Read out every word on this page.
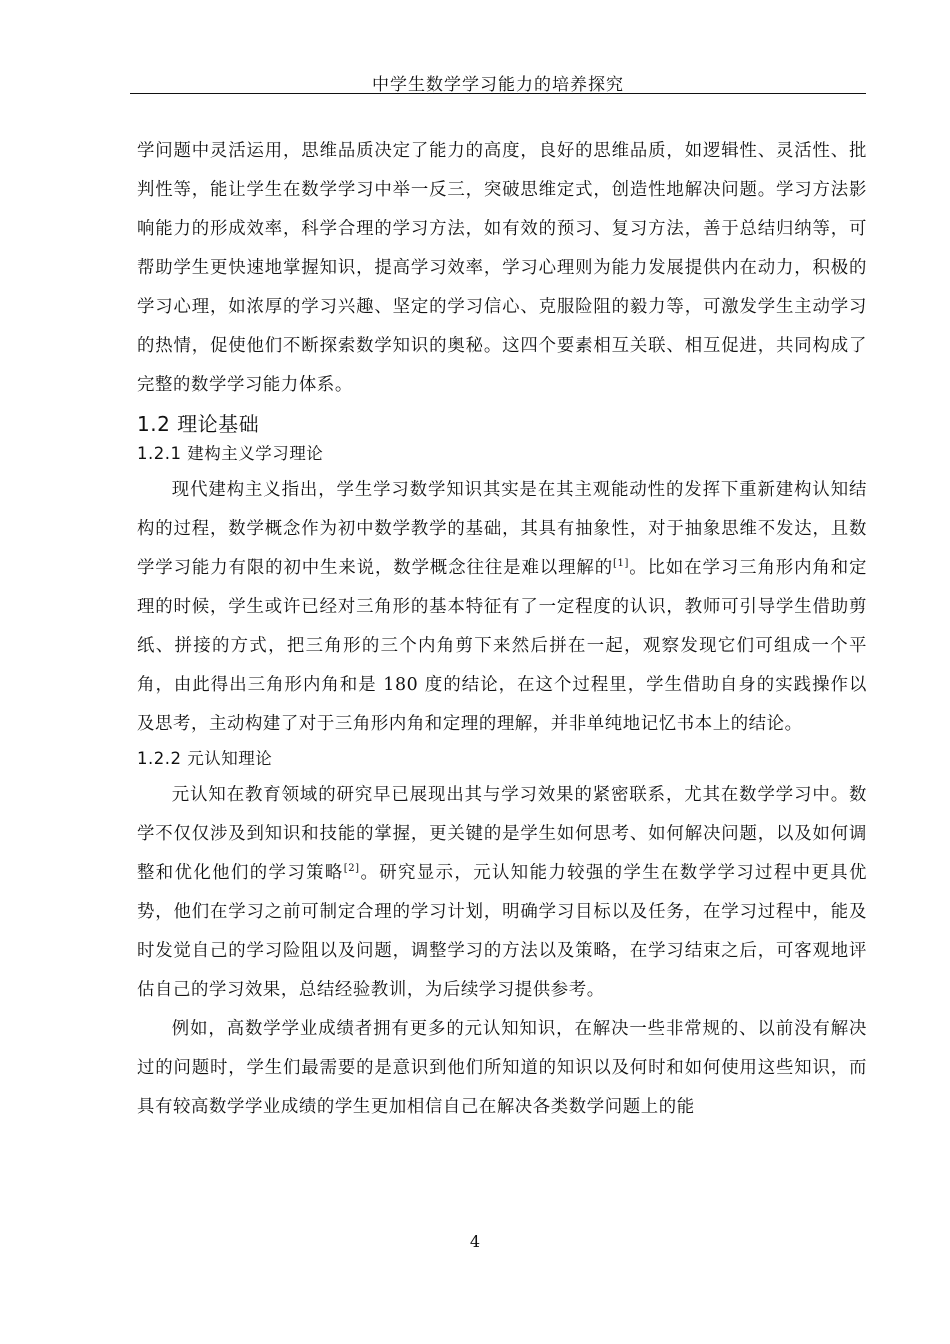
中学生数学学习能力的培养探究

学问题中灵活运用，思维品质决定了能力的高度，良好的思维品质，如逻辑性、灵活性、批判性等，能让学生在数学学习中举一反三，突破思维定式，创造性地解决问题。学习方法影响能力的形成效率，科学合理的学习方法，如有效的预习、复习方法，善于总结归纳等，可帮助学生更快速地掌握知识，提高学习效率，学习心理则为能力发展提供内在动力，积极的学习心理，如浓厚的学习兴趣、坚定的学习信心、克服险阻的毅力等，可激发学生主动学习的热情，促使他们不断探索数学知识的奥秘。这四个要素相互关联、相互促进，共同构成了完整的数学学习能力体系。

1.2 理论基础
1.2.1 建构主义学习理论

现代建构主义指出，学生学习数学知识其实是在其主观能动性的发挥下重新建构认知结构的过程，数学概念作为初中数学教学的基础，其具有抽象性，对于抽象思维不发达，且数学学习能力有限的初中生来说，数学概念往往是难以理解的[1]。比如在学习三角形内角和定理的时候，学生或许已经对三角形的基本特征有了一定程度的认识，教师可引导学生借助剪纸、拼接的方式，把三角形的三个内角剪下来然后拼在一起，观察发现它们可组成一个平角，由此得出三角形内角和是 180 度的结论，在这个过程里，学生借助自身的实践操作以及思考，主动构建了对于三角形内角和定理的理解，并非单纯地记忆书本上的结论。

1.2.2 元认知理论

元认知在教育领域的研究早已展现出其与学习效果的紧密联系，尤其在数学学习中。数学不仅仅涉及到知识和技能的掌握，更关键的是学生如何思考、如何解决问题，以及如何调整和优化他们的学习策略[2]。研究显示，元认知能力较强的学生在数学学习过程中更具优势，他们在学习之前可制定合理的学习计划，明确学习目标以及任务，在学习过程中，能及时发觉自己的学习险阻以及问题，调整学习的方法以及策略，在学习结束之后，可客观地评估自己的学习效果，总结经验教训，为后续学习提供参考。

例如，高数学学业成绩者拥有更多的元认知知识，在解决一些非常规的、以前没有解决过的问题时，学生们最需要的是意识到他们所知道的知识以及何时和如何使用这些知识，而具有较高数学学业成绩的学生更加相信自己在解决各类数学问题上的能

4
